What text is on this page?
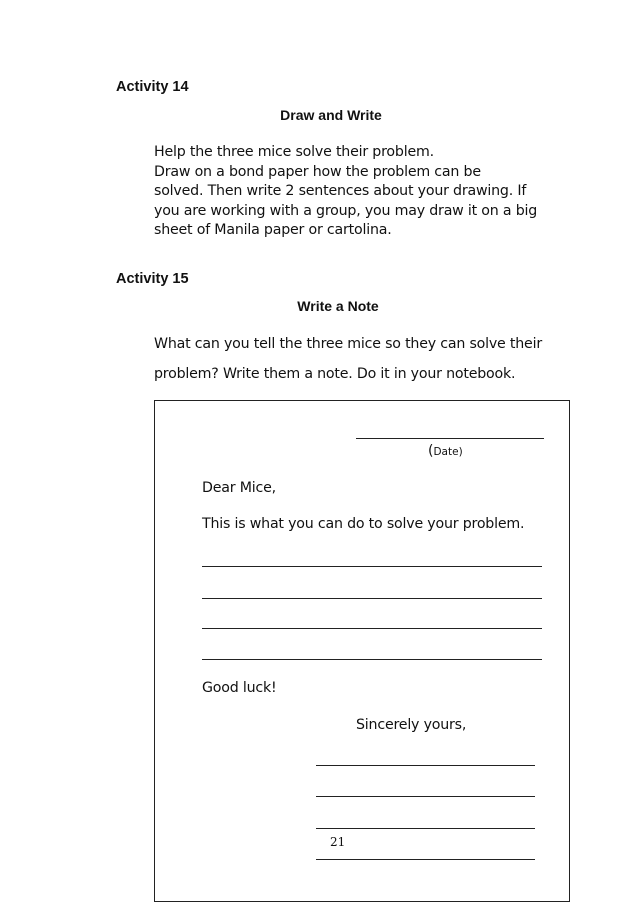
Activity 14
Draw and Write
Help the three mice solve their problem.
Draw on a bond paper how the problem can be
solved. Then write 2 sentences about your drawing. If
you are working with a group, you may draw it on a big
sheet of Manila paper or cartolina.
Activity 15
Write a Note
What can you tell the three mice so they can solve their
problem? Write them a note. Do it in your notebook.
(Date)
Dear Mice,
This is what you can do to solve your problem.
Good luck!
Sincerely yours,
21
